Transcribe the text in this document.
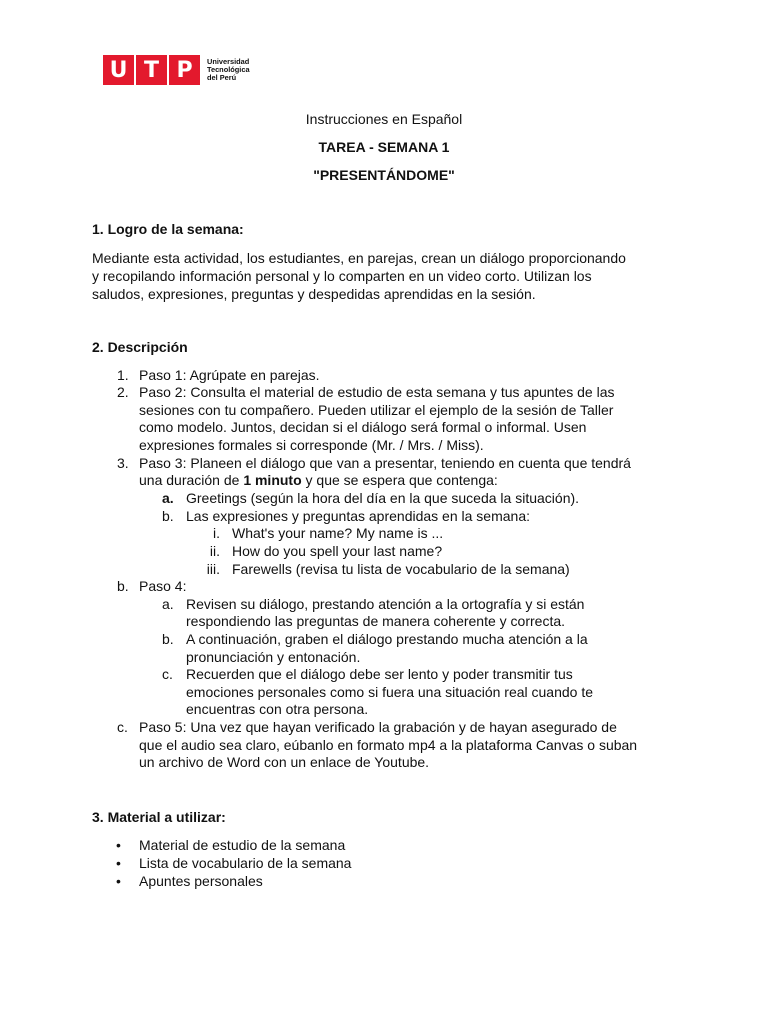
U T P	Universidad
Tecnológica
del Perú
Instrucciones en Español
TAREA - SEMANA 1
"PRESENTÁNDOME"
1. Logro de la semana:
Mediante esta actividad, los estudiantes, en parejas, crean un diálogo proporcionando
y recopilando información personal y lo comparten en un video corto. Utilizan los
saludos, expresiones, preguntas y despedidas aprendidas en la sesión.
2. Descripción
1. Paso 1: Agrúpate en parejas.
2. Paso 2: Consulta el material de estudio de esta semana y tus apuntes de las
sesiones con tu compañero. Pueden utilizar el ejemplo de la sesión de Taller
como modelo. Juntos, decidan si el diálogo será formal o informal. Usen
expresiones formales si corresponde (Mr. / Mrs. / Miss).
3. Paso 3: Planeen el diálogo que van a presentar, teniendo en cuenta que tendrá
una duración de 1 minuto y que se espera que contenga:
a. Greetings (según la hora del día en la que suceda la situación).
b. Las expresiones y preguntas aprendidas en la semana:
i. What's your name? My name is ...
ii. How do you spell your last name?
iii. Farewells (revisa tu lista de vocabulario de la semana)
b. Paso 4:
a. Revisen su diálogo, prestando atención a la ortografía y si están
respondiendo las preguntas de manera coherente y correcta.
b. A continuación, graben el diálogo prestando mucha atención a la
pronunciación y entonación.
c. Recuerden que el diálogo debe ser lento y poder transmitir tus
emociones personales como si fuera una situación real cuando te
encuentras con otra persona.
c. Paso 5: Una vez que hayan verificado la grabación y de hayan asegurado de
que el audio sea claro, eúbanlo en formato mp4 a la plataforma Canvas o suban
un archivo de Word con un enlace de Youtube.
3. Material a utilizar:
• Material de estudio de la semana
• Lista de vocabulario de la semana
• Apuntes personales
